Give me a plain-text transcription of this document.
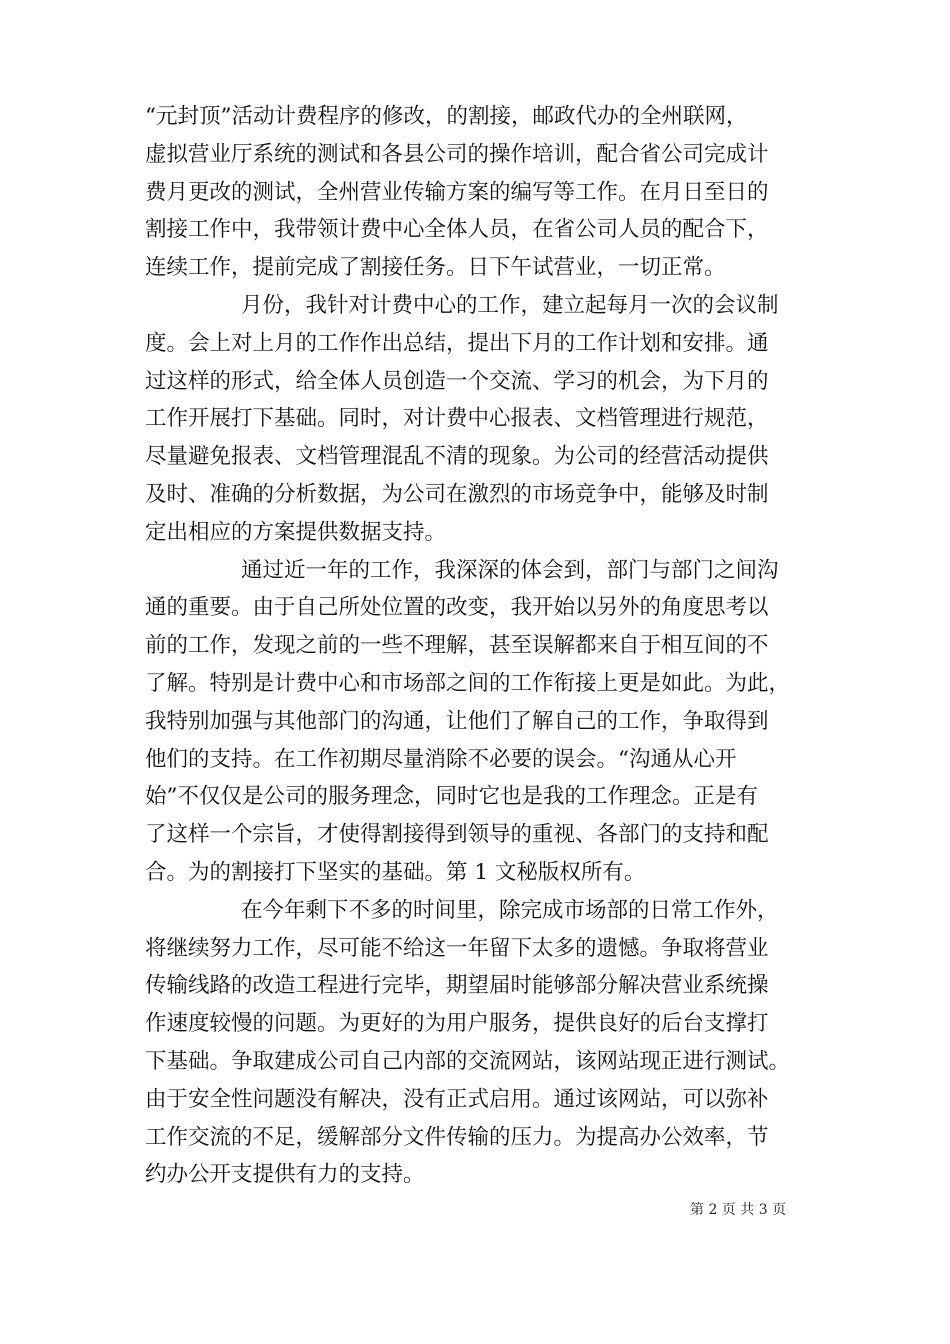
“元封顶”活动计费程序的修改，的割接，邮政代办的全州联网，
虚拟营业厅系统的测试和各县公司的操作培训，配合省公司完成计
费月更改的测试，全州营业传输方案的编写等工作。在月日至日的
割接工作中，我带领计费中心全体人员，在省公司人员的配合下，
连续工作，提前完成了割接任务。日下午试营业，一切正常。
月份，我针对计费中心的工作，建立起每月一次的会议制
度。会上对上月的工作作出总结，提出下月的工作计划和安排。通
过这样的形式，给全体人员创造一个交流、学习的机会，为下月的
工作开展打下基础。同时，对计费中心报表、文档管理进行规范，
尽量避免报表、文档管理混乱不清的现象。为公司的经营活动提供
及时、准确的分析数据，为公司在激烈的市场竞争中，能够及时制
定出相应的方案提供数据支持。
通过近一年的工作，我深深的体会到，部门与部门之间沟
通的重要。由于自己所处位置的改变，我开始以另外的角度思考以
前的工作，发现之前的一些不理解，甚至误解都来自于相互间的不
了解。特别是计费中心和市场部之间的工作衔接上更是如此。为此，
我特别加强与其他部门的沟通，让他们了解自己的工作，争取得到
他们的支持。在工作初期尽量消除不必要的误会。“沟通从心开
始”不仅仅是公司的服务理念，同时它也是我的工作理念。正是有
了这样一个宗旨，才使得割接得到领导的重视、各部门的支持和配
合。为的割接打下坚实的基础。第 1 文秘版权所有。
在今年剩下不多的时间里，除完成市场部的日常工作外，
将继续努力工作，尽可能不给这一年留下太多的遗憾。争取将营业
传输线路的改造工程进行完毕，期望届时能够部分解决营业系统操
作速度较慢的问题。为更好的为用户服务，提供良好的后台支撑打
下基础。争取建成公司自己内部的交流网站，该网站现正进行测试。
由于安全性问题没有解决，没有正式启用。通过该网站，可以弥补
工作交流的不足，缓解部分文件传输的压力。为提高办公效率，节
约办公开支提供有力的支持。
第 2 页 共 3 页
